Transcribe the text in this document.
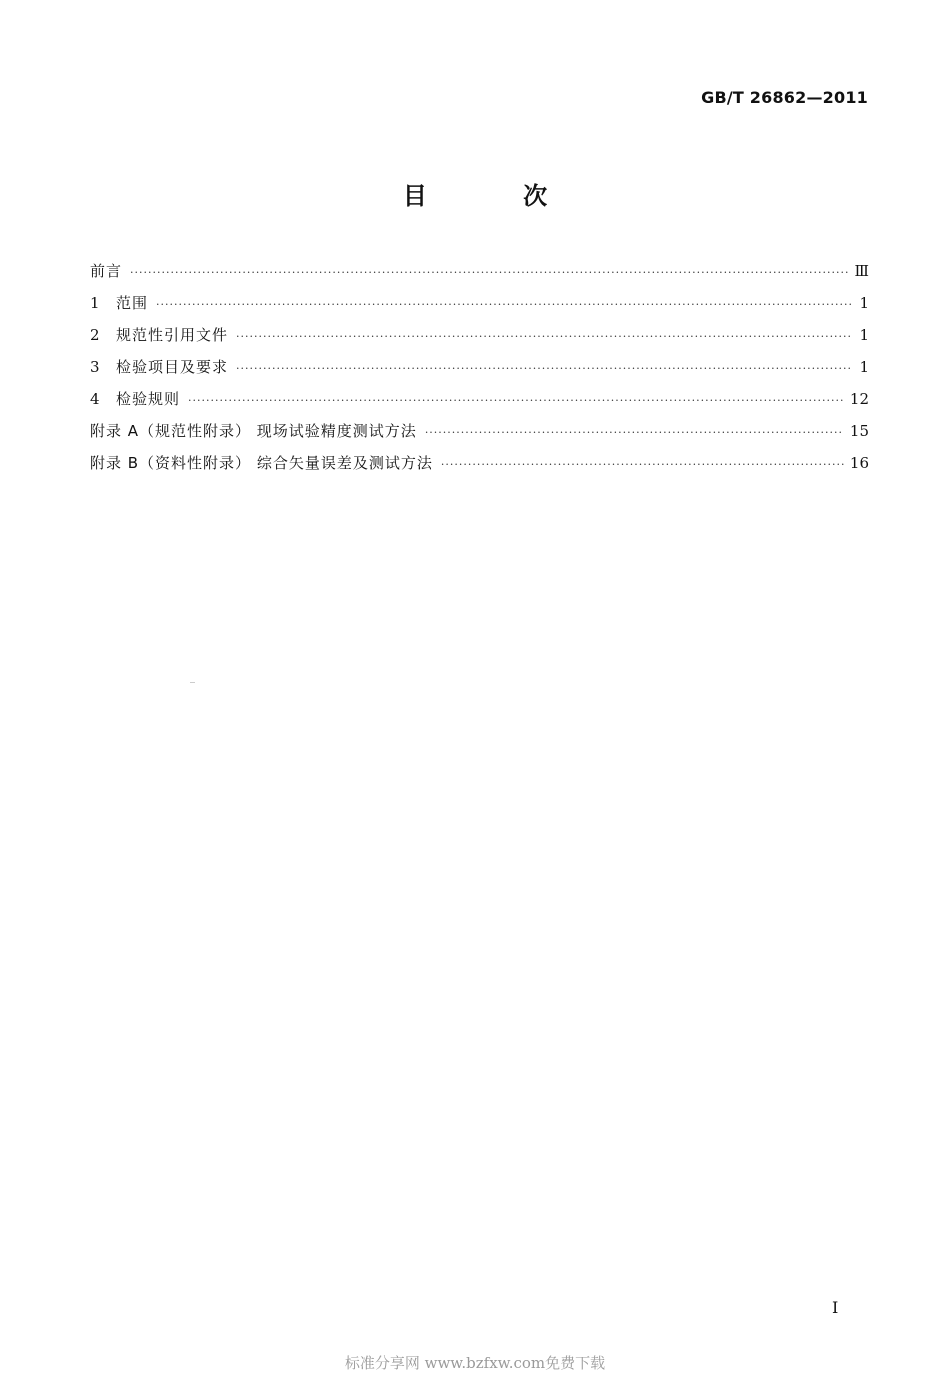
GB/T 26862—2011
目 次
前言 ·····	Ⅲ
1	范围 ·····	1
2	规范性引用文件 ·····	1
3	检验项目及要求 ·····	1
4	检验规则 ·····	12
附录 A（规范性附录） 现场试验精度测试方法 ·····	15
附录 B（资料性附录） 综合矢量误差及测试方法 ·····	16
I
标准分享网 www.bzfxw.com免费下载
